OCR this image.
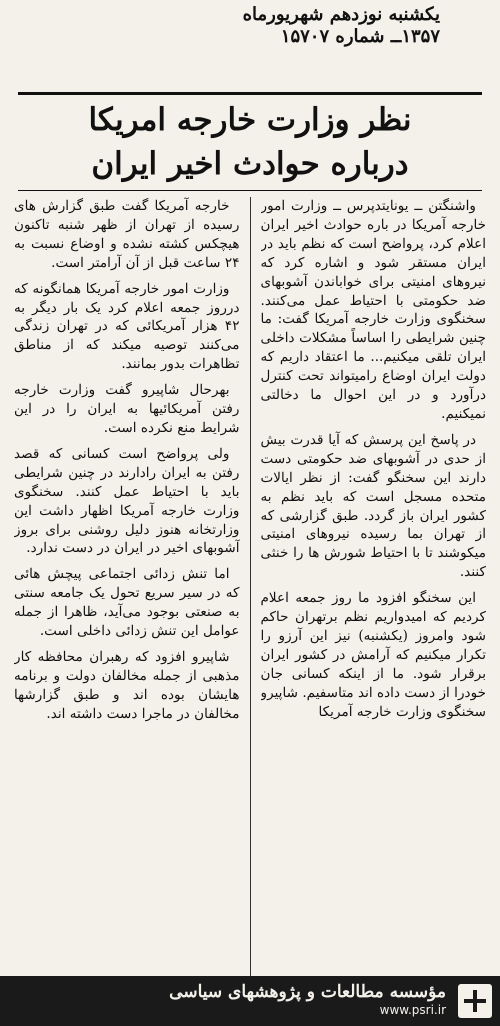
یکشنبه نوزدهم شهریورماه
۱۳۵۷ــ شماره ۱۵۷۰۷
نظر وزارت خارجه امریکا
درباره حوادث اخیر ایران

واشنگتن ــ یونایتدپرس ــ وزارت امور خارجه آمریکا در باره حوادث اخیر ایران اعلام کرد، پرواضح است که نظم باید در ایران مستقر شود و اشاره کرد که نیروهای امنیتی برای خواباندن آشوبهای ضد حکومتی با احتیاط عمل می‌کنند. سخنگوی وزارت خارجه آمریکا گفت: ما چنین شرایطی را اساساً مشکلات داخلی ایران تلقی میکنیم... ما اعتقاد داریم که دولت ایران اوضاع رامیتواند تحت کنترل درآورد و در این احوال ما دخالتی نمیکنیم.

در پاسخ این پرسش که آیا قدرت بیش از حدی در آشوبهای ضد حکومتی دست دارند این سخنگو گفت: از نظر ایالات متحده مسجل است که باید نظم به کشور ایران باز گردد. طبق گزارشی که از تهران بما رسیده نیروهای امنیتی میکوشند تا با احتیاط شورش ها را خنثی کنند.

این سخنگو افزود ما روز جمعه اعلام کردیم که امیدواریم نظم برتهران حاکم شود وامروز (یکشنبه) نیز این آرزو را تکرار میکنیم که آرامش در کشور ایران برقرار شود. ما از اینکه کسانی جان خودرا از دست داده اند متاسفیم. شاپیرو سخنگوی وزارت خارجه آمریکا

خارجه آمریکا گفت طبق گزارش های رسیده از تهران از ظهر شنبه تاکنون هیچکس کشته نشده و اوضاع نسبت به ۲۴ ساعت قبل از آن آرامتر است.

وزارت امور خارجه آمریکا همانگونه که درروز جمعه اعلام کرد یک بار دیگر به ۴۲ هزار آمریکائی که در تهران زندگی می‌کنند توصیه میکند که از مناطق تظاهرات بدور بمانند.

بهرحال شاپیرو گفت وزارت خارجه رفتن آمریکائیها به ایران را در این شرایط منع نکرده است.

ولی پرواضح است کسانی که قصد رفتن به ایران رادارند در چنین شرایطی باید با احتیاط عمل کنند. سخنگوی وزارت خارجه آمریکا اظهار داشت این وزارتخانه هنوز دلیل روشنی برای بروز آشوبهای اخیر در ایران در دست ندارد.

اما تنش زدائی اجتماعی پیچش هائی که در سیر سریع تحول یک جامعه سنتی به صنعتی بوجود می‌آید، ظاهرا از جمله عوامل این تنش زدائی داخلی است.

شاپیرو افزود که رهبران محافظه کار مذهبی از جمله مخالفان دولت و برنامه هایشان بوده اند و طبق گزارشها مخالفان در ماجرا دست داشته اند.

مؤسسه مطالعات و پژوهشهای سیاسی
www.psri.ir
